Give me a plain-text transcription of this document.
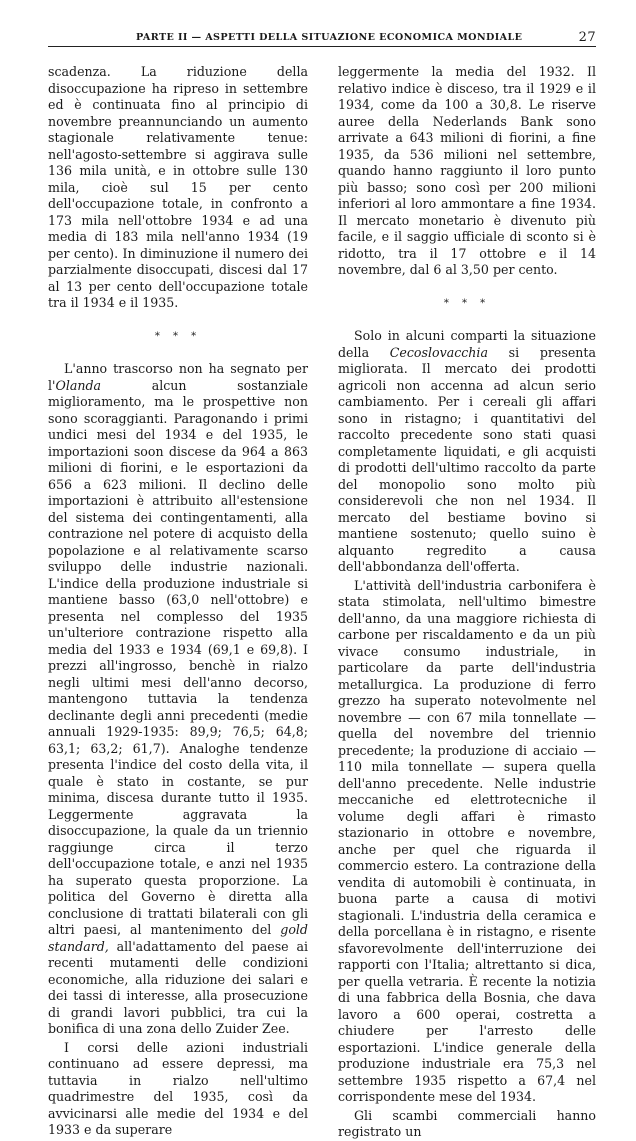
PARTE II — ASPETTI DELLA SITUAZIONE ECONOMICA MONDIALE	27

scadenza. La riduzione della disoccupazione ha ripreso in settembre ed è continuata fino al principio di novembre preannunciando un aumento stagionale relativamente tenue: nell'agosto-settembre si aggirava sulle 136 mila unità, e in ottobre sulle 130 mila, cioè sul 15 per cento dell'occupazione totale, in confronto a 173 mila nell'ottobre 1934 e ad una media di 183 mila nell'anno 1934 (19 per cento). In diminuzione il numero dei parzialmente disoccupati, discesi dal 17 al 13 per cento dell'occupazione totale tra il 1934 e il 1935.

* * *

L'anno trascorso non ha segnato per l'Olanda alcun sostanziale miglioramento, ma le prospettive non sono scoraggianti. Paragonando i primi undici mesi del 1934 e del 1935, le importazioni soon discese da 964 a 863 milioni di fiorini, e le esportazioni da 656 a 623 milioni. Il declino delle importazioni è attribuito all'estensione del sistema dei contingentamenti, alla contrazione nel potere di acquisto della popolazione e al relativamente scarso sviluppo delle industrie nazionali. L'indice della produzione industriale si mantiene basso (63,0 nell'ottobre) e presenta nel complesso del 1935 un'ulteriore contrazione rispetto alla media del 1933 e 1934 (69,1 e 69,8). I prezzi all'ingrosso, benchè in rialzo negli ultimi mesi dell'anno decorso, mantengono tuttavia la tendenza declinante degli anni precedenti (medie annuali 1929-1935: 89,9; 76,5; 64,8; 63,1; 63,2; 61,7). Analoghe tendenze presenta l'indice del costo della vita, il quale è stato in costante, se pur minima, discesa durante tutto il 1935. Leggermente aggravata la disoccupazione, la quale da un triennio raggiunge circa il terzo dell'occupazione totale, e anzi nel 1935 ha superato questa proporzione. La politica del Governo è diretta alla conclusione di trattati bilaterali con gli altri paesi, al mantenimento del gold standard, all'adattamento del paese ai recenti mutamenti delle condizioni economiche, alla riduzione dei salari e dei tassi di interesse, alla prosecuzione di grandi lavori pubblici, tra cui la bonifica di una zona dello Zuider Zee.

I corsi delle azioni industriali continuano ad essere depressi, ma tuttavia in rialzo nell'ultimo quadrimestre del 1935, così da avvicinarsi alle medie del 1934 e del 1933 e da superare

leggermente la media del 1932. Il relativo indice è disceso, tra il 1929 e il 1934, come da 100 a 30,8. Le riserve auree della Nederlands Bank sono arrivate a 643 milioni di fiorini, a fine 1935, da 536 milioni nel settembre, quando hanno raggiunto il loro punto più basso; sono così per 200 milioni inferiori al loro ammontare a fine 1934. Il mercato monetario è divenuto più facile, e il saggio ufficiale di sconto si è ridotto, tra il 17 ottobre e il 14 novembre, dal 6 al 3,50 per cento.

* * *

Solo in alcuni comparti la situazione della Cecoslovacchia si presenta migliorata. Il mercato dei prodotti agricoli non accenna ad alcun serio cambiamento. Per i cereali gli affari sono in ristagno; i quantitativi del raccolto precedente sono stati quasi completamente liquidati, e gli acquisti di prodotti dell'ultimo raccolto da parte del monopolio sono molto più considerevoli che non nel 1934. Il mercato del bestiame bovino si mantiene sostenuto; quello suino è alquanto regredito a causa dell'abbondanza dell'offerta.

L'attività dell'industria carbonifera è stata stimolata, nell'ultimo bimestre dell'anno, da una maggiore richiesta di carbone per riscaldamento e da un più vivace consumo industriale, in particolare da parte dell'industria metallurgica. La produzione di ferro grezzo ha superato notevolmente nel novembre — con 67 mila tonnellate — quella del novembre del triennio precedente; la produzione di acciaio — 110 mila tonnellate — supera quella dell'anno precedente. Nelle industrie meccaniche ed elettrotecniche il volume degli affari è rimasto stazionario in ottobre e novembre, anche per quel che riguarda il commercio estero. La contrazione della vendita di automobili è continuata, in buona parte a causa di motivi stagionali. L'industria della ceramica e della porcellana è in ristagno, e risente sfavorevolmente dell'interruzione dei rapporti con l'Italia; altrettanto si dica, per quella vetraria. È recente la notizia di una fabbrica della Bosnia, che dava lavoro a 600 operai, costretta a chiudere per l'arresto delle esportazioni. L'indice generale della produzione industriale era 75,3 nel settembre 1935 rispetto a 67,4 nel corrispondente mese del 1934.

Gli scambi commerciali hanno registrato un
